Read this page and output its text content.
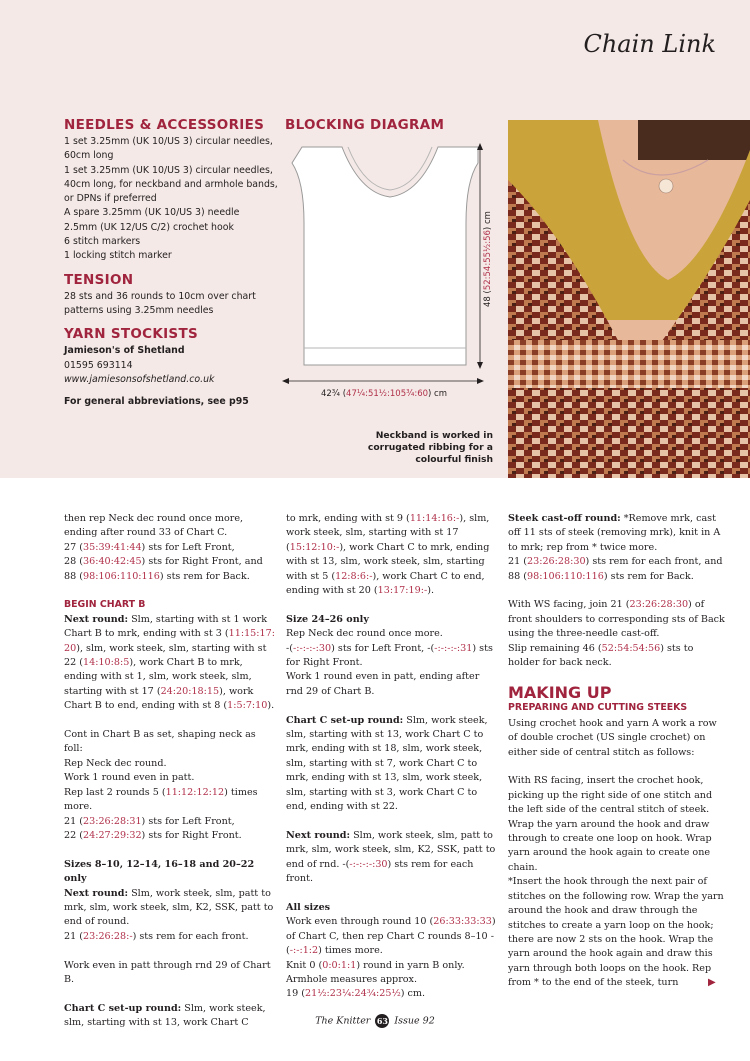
Chain Link
NEEDLES & ACCESSORIES

1 set 3.25mm (UK 10/US 3) circular needles, 60cm long

1 set 3.25mm (UK 10/US 3) circular needles, 40cm long, for neckband and armhole bands, or DPNs if preferred

A spare 3.25mm (UK 10/US 3) needle

2.5mm (UK 12/US C/2) crochet hook

6 stitch markers

1 locking stitch marker

TENSION

28 sts and 36 rounds to 10cm over chart patterns using 3.25mm needles

YARN STOCKISTS

Jamieson's of Shetland

01595 693114

www.jamiesonsofshetland.co.uk

For general abbreviations, see p95

BLOCKING DIAGRAM
48 (52:54:55½:56) cm
42¾ (47¼:51½:105¾:60) cm
Neckband is worked in corrugated ribbing for a colourful finish

then rep Neck dec round once more, ending after round 33 of Chart C.
27 (35:39:41:44) sts for Left Front,
28 (36:40:42:45) sts for Right Front, and
88 (98:106:110:116) sts rem for Back.

BEGIN CHART B

Next round: Slm, starting with st 1 work Chart B to mrk, ending with st 3 (11:15:17: 20), slm, work steek, slm, starting with st 22 (14:10:8:5), work Chart B to mrk, ending with st 1, slm, work steek, slm, starting with st 17 (24:20:18:15), work Chart B to end, ending with st 8 (1:5:7:10).

Cont in Chart B as set, shaping neck as foll:
Rep Neck dec round.
Work 1 round even in patt.
Rep last 2 rounds 5 (11:12:12:12) times more.
21 (23:26:28:31) sts for Left Front,
22 (24:27:29:32) sts for Right Front.

Sizes 8–10, 12–14, 16–18 and 20–22 only
Next round: Slm, work steek, slm, patt to mrk, slm, work steek, slm, K2, SSK, patt to end of round.
21 (23:26:28:-) sts rem for each front.

Work even in patt through rnd 29 of Chart B.

Chart C set-up round: Slm, work steek, slm, starting with st 13, work Chart C

to mrk, ending with st 9 (11:14:16:-), slm, work steek, slm, starting with st 17 (15:12:10:-), work Chart C to mrk, ending with st 13, slm, work steek, slm, starting with st 5 (12:8:6:-), work Chart C to end, ending with st 20 (13:17:19:-).

Size 24–26 only
Rep Neck dec round once more.
-(-:-:-:-:30) sts for Left Front, -(-:-:-:-:31) sts for Right Front.
Work 1 round even in patt, ending after rnd 29 of Chart B.

Chart C set-up round: Slm, work steek, slm, starting with st 13, work Chart C to mrk, ending with st 18, slm, work steek, slm, starting with st 7, work Chart C to mrk, ending with st 13, slm, work steek, slm, starting with st 3, work Chart C to end, ending with st 22.

Next round: Slm, work steek, slm, patt to mrk, slm, work steek, slm, K2, SSK, patt to end of rnd. -(-:-:-:-:30) sts rem for each front.

All sizes
Work even through round 10 (26:33:33:33) of Chart C, then rep Chart C rounds 8–10 -(-:-:1:2) times more.
Knit 0 (0:0:1:1) round in yarn B only.
Armhole measures approx.
19 (21½:23¼:24¾:25½) cm.

Steek cast-off round: *Remove mrk, cast off 11 sts of steek (removing mrk), knit in A to mrk; rep from * twice more.
21 (23:26:28:30) sts rem for each front, and
88 (98:106:110:116) sts rem for Back.

With WS facing, join 21 (23:26:28:30) of front shoulders to corresponding sts of Back using the three-needle cast-off.
Slip remaining 46 (52:54:54:56) sts to holder for back neck.

MAKING UP
PREPARING AND CUTTING STEEKS

Using crochet hook and yarn A work a row of double crochet (US single crochet) on either side of central stitch as follows:

With RS facing, insert the crochet hook, picking up the right side of one stitch and the left side of the central stitch of steek. Wrap the yarn around the hook and draw through to create one loop on hook. Wrap yarn around the hook again to create one chain.

*Insert the hook through the next pair of stitches on the following row. Wrap the yarn around the hook and draw through the stitches to create a yarn loop on the hook; there are now 2 sts on the hook. Wrap the yarn around the hook again and draw this yarn through both loops on the hook. Rep from * to the end of the steek, turn	▶
The Knitter 63 Issue 92
